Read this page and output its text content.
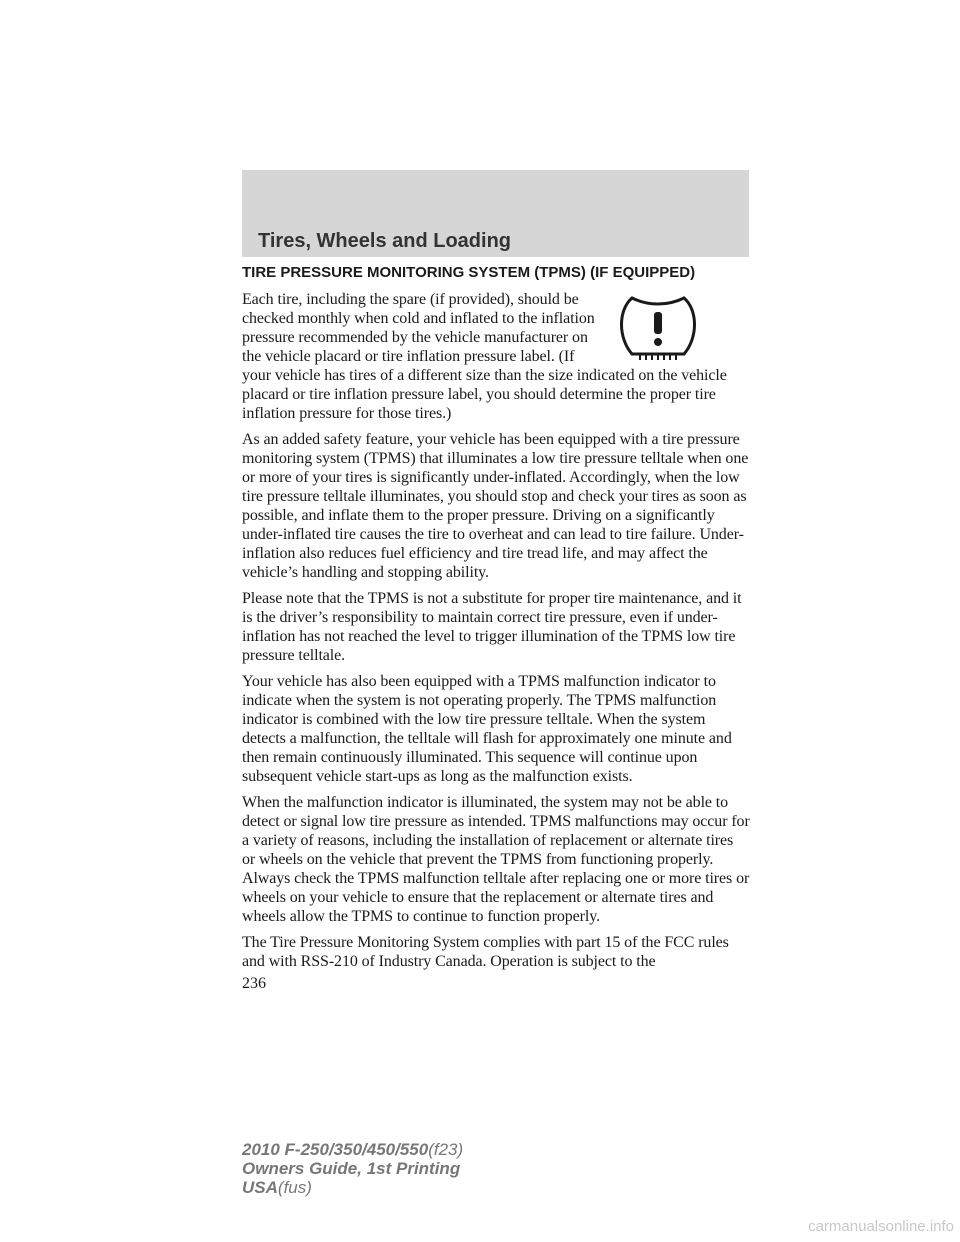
Tires, Wheels and Loading

TIRE PRESSURE MONITORING SYSTEM (TPMS) (IF EQUIPPED)

Each tire, including the spare (if provided), should be checked monthly when cold and inflated to the inflation pressure recommended by the vehicle manufacturer on the vehicle placard or tire inflation pressure label. (If your vehicle has tires of a different size than the size indicated on the vehicle placard or tire inflation pressure label, you should determine the proper tire inflation pressure for those tires.)

As an added safety feature, your vehicle has been equipped with a tire pressure monitoring system (TPMS) that illuminates a low tire pressure telltale when one or more of your tires is significantly under-inflated. Accordingly, when the low tire pressure telltale illuminates, you should stop and check your tires as soon as possible, and inflate them to the proper pressure. Driving on a significantly under-inflated tire causes the tire to overheat and can lead to tire failure. Under-inflation also reduces fuel efficiency and tire tread life, and may affect the vehicle’s handling and stopping ability.

Please note that the TPMS is not a substitute for proper tire maintenance, and it is the driver’s responsibility to maintain correct tire pressure, even if under-inflation has not reached the level to trigger illumination of the TPMS low tire pressure telltale.

Your vehicle has also been equipped with a TPMS malfunction indicator to indicate when the system is not operating properly. The TPMS malfunction indicator is combined with the low tire pressure telltale. When the system detects a malfunction, the telltale will flash for approximately one minute and then remain continuously illuminated. This sequence will continue upon subsequent vehicle start-ups as long as the malfunction exists.

When the malfunction indicator is illuminated, the system may not be able to detect or signal low tire pressure as intended. TPMS malfunctions may occur for a variety of reasons, including the installation of replacement or alternate tires or wheels on the vehicle that prevent the TPMS from functioning properly. Always check the TPMS malfunction telltale after replacing one or more tires or wheels on your vehicle to ensure that the replacement or alternate tires and wheels allow the TPMS to continue to function properly.

The Tire Pressure Monitoring System complies with part 15 of the FCC rules and with RSS-210 of Industry Canada. Operation is subject to the

236
2010 F-250/350/450/550(f23)
Owners Guide, 1st Printing
USA(fus)
carmanualsonline.info
